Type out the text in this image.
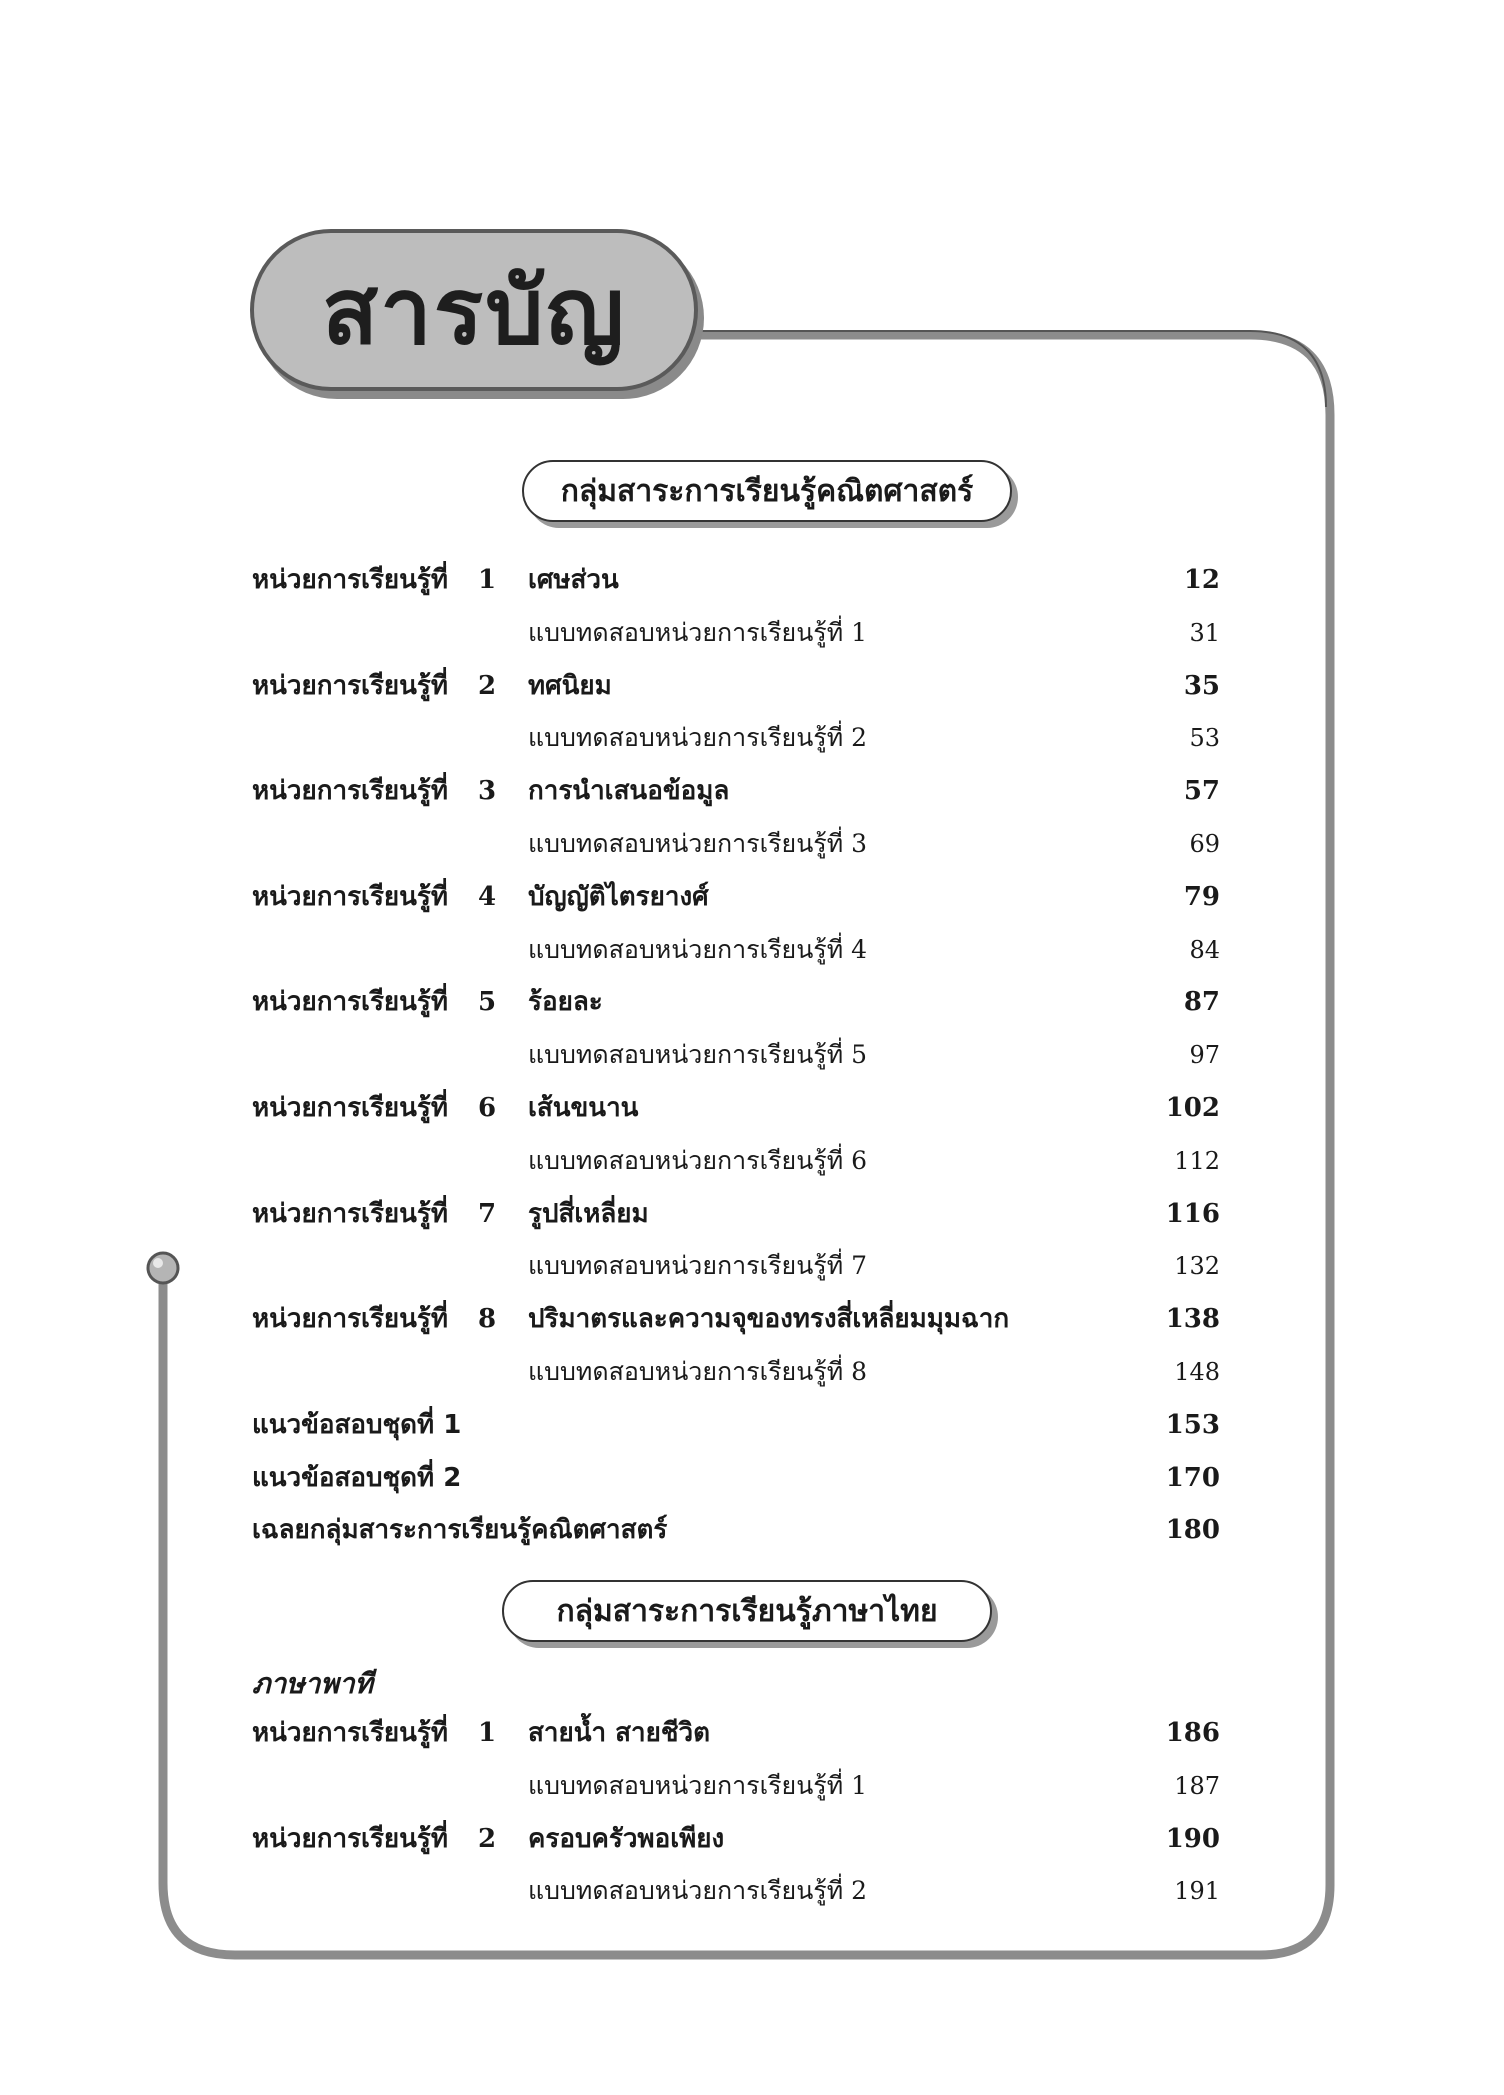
สารบัญ
กลุ่มสาระการเรียนรู้คณิตศาสตร์
กลุ่มสาระการเรียนรู้ภาษาไทย
ภาษาพาที
หน่วยการเรียนรู้ที่ 1 เศษส่วน	12
แบบทดสอบหน่วยการเรียนรู้ที่ 1	31
หน่วยการเรียนรู้ที่ 2 ทศนิยม	35
แบบทดสอบหน่วยการเรียนรู้ที่ 2	53
หน่วยการเรียนรู้ที่ 3 การนำเสนอข้อมูล	57
แบบทดสอบหน่วยการเรียนรู้ที่ 3	69
หน่วยการเรียนรู้ที่ 4 บัญญัติไตรยางศ์	79
แบบทดสอบหน่วยการเรียนรู้ที่ 4	84
หน่วยการเรียนรู้ที่ 5 ร้อยละ	87
แบบทดสอบหน่วยการเรียนรู้ที่ 5	97
หน่วยการเรียนรู้ที่ 6 เส้นขนาน	102
แบบทดสอบหน่วยการเรียนรู้ที่ 6	112
หน่วยการเรียนรู้ที่ 7 รูปสี่เหลี่ยม	116
แบบทดสอบหน่วยการเรียนรู้ที่ 7	132
หน่วยการเรียนรู้ที่ 8 ปริมาตรและความจุของทรงสี่เหลี่ยมมุมฉาก	138
แบบทดสอบหน่วยการเรียนรู้ที่ 8	148
แนวข้อสอบชุดที่ 1	153
แนวข้อสอบชุดที่ 2	170
เฉลยกลุ่มสาระการเรียนรู้คณิตศาสตร์	180
หน่วยการเรียนรู้ที่ 1 สายน้ำ สายชีวิต	186
แบบทดสอบหน่วยการเรียนรู้ที่ 1	187
หน่วยการเรียนรู้ที่ 2 ครอบครัวพอเพียง	190
แบบทดสอบหน่วยการเรียนรู้ที่ 2	191
